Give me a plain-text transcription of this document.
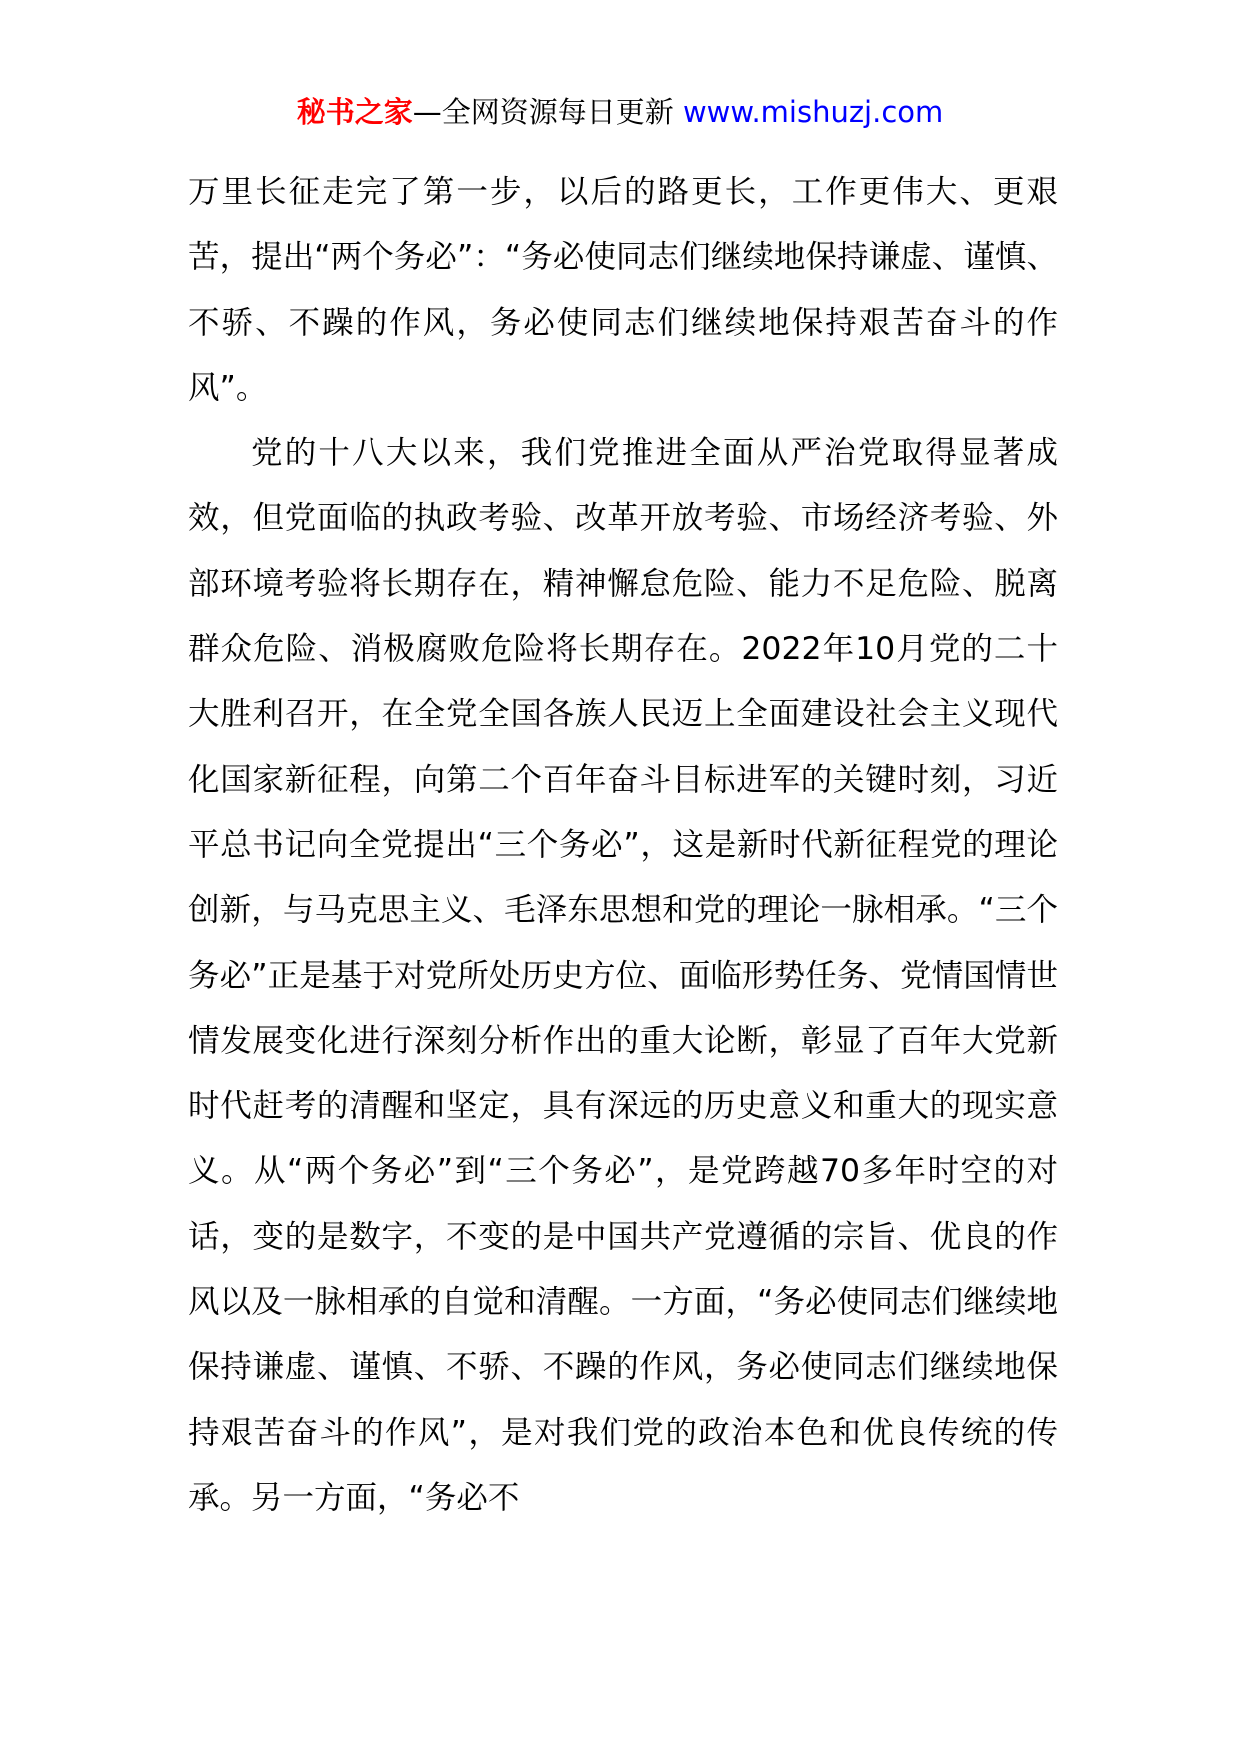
秘书之家—全网资源每日更新 www.mishuzj.com

万里长征走完了第一步，以后的路更长，工作更伟大、更艰苦，提出“两个务必”：“务必使同志们继续地保持谦虚、谨慎、不骄、不躁的作风，务必使同志们继续地保持艰苦奋斗的作风”。

党的十八大以来，我们党推进全面从严治党取得显著成效，但党面临的执政考验、改革开放考验、市场经济考验、外部环境考验将长期存在，精神懈怠危险、能力不足危险、脱离群众危险、消极腐败危险将长期存在。2022年10月党的二十大胜利召开，在全党全国各族人民迈上全面建设社会主义现代化国家新征程，向第二个百年奋斗目标进军的关键时刻，习近平总书记向全党提出“三个务必”，这是新时代新征程党的理论创新，与马克思主义、毛泽东思想和党的理论一脉相承。“三个务必”正是基于对党所处历史方位、面临形势任务、党情国情世情发展变化进行深刻分析作出的重大论断，彰显了百年大党新时代赶考的清醒和坚定，具有深远的历史意义和重大的现实意义。从“两个务必”到“三个务必”，是党跨越70多年时空的对话，变的是数字，不变的是中国共产党遵循的宗旨、优良的作风以及一脉相承的自觉和清醒。一方面，“务必使同志们继续地保持谦虚、谨慎、不骄、不躁的作风，务必使同志们继续地保持艰苦奋斗的作风”，是对我们党的政治本色和优良传统的传承。另一方面，“务必不
